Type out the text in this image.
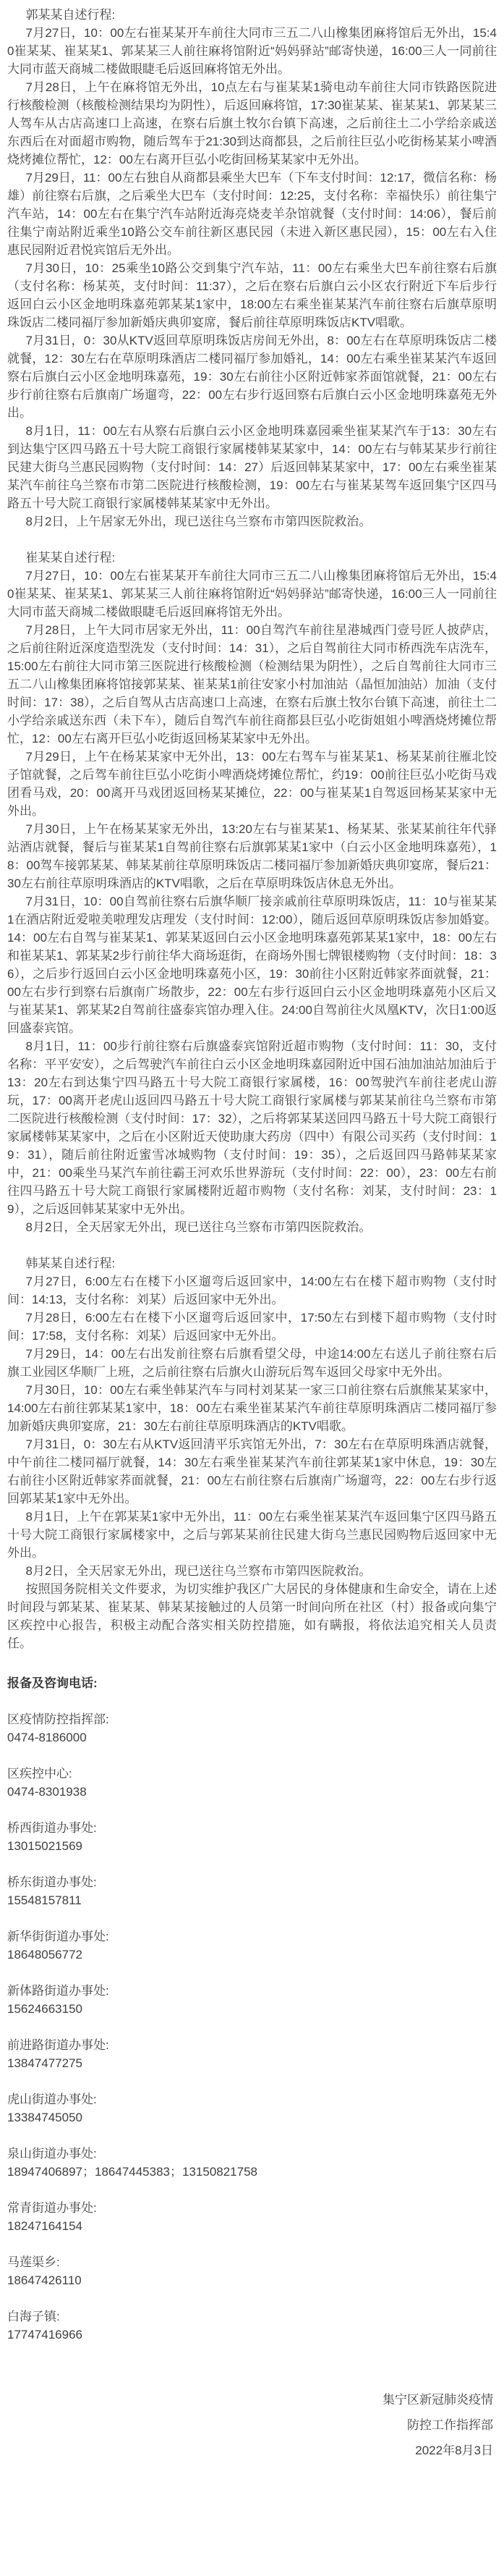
郭某某自述行程:

7月27日，10：00左右崔某某开车前往大同市三五二八山橡集团麻将馆后无外出，15:40崔某某、崔某某1、郭某某三人前往麻将馆附近“妈妈驿站”邮寄快递，16:00三人一同前往大同市蓝天商城二楼做眼睫毛后返回麻将馆无外出。

7月28日，上午在麻将馆无外出，10点左右与崔某某1骑电动车前往大同市铁路医院进行核酸检测（核酸检测结果均为阴性），后返回麻将馆，17:30崔某某、崔某某1、郭某某三人驾车从古店高速口上高速，在察右后旗土牧尔台镇下高速，之后前往土二小学给亲戚送东西后在对面超市购物，随后驾车于21:30到达商都县，之后前往巨弘小吃街杨某某小啤酒烧烤摊位帮忙，12：00左右离开巨弘小吃街回杨某某家中无外出。

7月29日，11：00左右独自从商都县乘坐大巴车（下车支付时间：12:17，微信名称：杨雄）前往察右后旗，之后乘坐大巴车（支付时间：12:25，支付名称：幸福快乐）前往集宁汽车站，14：00左右在集宁汽车站附近海亮烧麦羊杂馆就餐（支付时间：14:06），餐后前往集宁南站附近乘坐10路公交车前往新区惠民园（未进入新区惠民园），15：00左右入住惠民园附近君悦宾馆后无外出。

7月30日，10：25乘坐10路公交到集宁汽车站，11：00左右乘坐大巴车前往察右后旗（支付名称：杨某英，支付时间：11:37），之后在察右后旗白云小区农行附近下车后步行返回白云小区金地明珠嘉苑郭某某1家中，18:00左右乘坐崔某某汽车前往察右后旗草原明珠饭店二楼同福厅参加新婚庆典卯宴席，餐后前往草原明珠饭店KTV唱歌。

7月31日，0：30从KTV返回草原明珠饭店房间无外出，8：00左右在草原明珠饭店二楼就餐，12：30左右在草原明珠酒店二楼同福厅参加婚礼，14：00左右乘坐崔某某汽车返回察右后旗白云小区金地明珠嘉苑，19：30左右前往小区附近韩家荞面馆就餐，21：00左右步行前往察右后旗南广场遛弯，22：00左右步行返回察右后旗白云小区金地明珠嘉苑无外出。

8月1日，11：00左右从察右后旗白云小区金地明珠嘉园乘坐崔某某汽车于13：30左右到达集宁区四马路五十号大院工商银行家属楼韩某某家中，14：00左右与韩某某步行前往民建大街乌兰惠民园购物（支付时间：14：27）后返回韩某某家中，17：00左右乘坐崔某某汽车前往乌兰察布市第二医院进行核酸检测，19：00左右与崔某某驾车返回集宁区四马路五十号大院工商银行家属楼韩某某家中无外出。

8月2日，上午居家无外出，现已送往乌兰察布市第四医院救治。

崔某某自述行程:

7月27日，10：00左右崔某某开车前往大同市三五二八山橡集团麻将馆后无外出，15:40崔某某、崔某某1、郭某某三人前往麻将馆附近“妈妈驿站”邮寄快递，16:00三人一同前往大同市蓝天商城二楼做眼睫毛后返回麻将馆无外出。

7月28日，上午大同市居家无外出，11：00自驾汽车前往星港城西门壹号匠人披萨店，之后前往附近深度造型洗发（支付时间：14：31），之后自驾前往大同市桥西洗车店洗车，15:00左右前往大同市第三医院进行核酸检测（检测结果为阴性），之后自驾前往大同市三五二八山橡集团麻将馆接郭某某、崔某某1前往安家小村加油站（晶恒加油站）加油（支付时间：17：38），之后自驾从古店高速口上高速，在察右后旗土牧尔台镇下高速，前往土二小学给亲戚送东西（未下车），随后自驾汽车前往商都县巨弘小吃街姐姐小啤酒烧烤摊位帮忙，12：00左右离开巨弘小吃街返回杨某某家中无外出。

7月29日，上午在杨某某家中无外出，13：00左右驾车与崔某某1、杨某某前往雁北饺子馆就餐，之后驾车前往巨弘小吃街小啤酒烧烤摊位帮忙，约19：00前往巨弘小吃街马戏团看马戏，20：00离开马戏团返回杨某某摊位，22：00与崔某某1自驾返回杨某某家中无外出。

7月30日，上午在杨某某家无外出，13:20左右与崔某某1、杨某某、张某某前往年代驿站酒店就餐，餐后与崔某某1自驾前往察右后旗郭某某1家中（白云小区金地明珠嘉苑），18：00驾车接郭某某、韩某某前往草原明珠饭店二楼同福厅参加新婚庆典卯宴席，餐后21：30左右前往草原明珠酒店的KTV唱歌，之后在草原明珠饭店休息无外出。

7月31日，10：00自驾前往察右后旗华顺厂接亲戚前往草原明珠饭店，11：10与崔某某1在酒店附近爱啦美啦理发店理发（支付时间：12:00），随后返回草原明珠饭店参加婚宴。14：00左右自驾与崔某某1、郭某某返回白云小区金地明珠嘉苑郭某某1家中，18：00左右和崔某某1、郭某某2步行前往华大商场逛街，在商场外围七牌银楼购物（支付时间：18：36），之后步行返回白云小区金地明珠嘉苑小区，19：30前往小区附近韩家荞面就餐，21：00左右步行到察右后旗南广场散步，22：00左右步行返回白云小区金地明珠嘉苑小区后又与崔某某1、郭某某2自驾前往盛泰宾馆办理入住。24:00自驾前往火凤凰KTV，次日1:00返回盛泰宾馆。

8月1日，11：00步行前往察右后旗盛泰宾馆附近超市购物（支付时间：11：30，支付名称：平平安安），之后驾驶汽车前往白云小区金地明珠嘉园附近中国石油加油站加油后于13：20左右到达集宁四马路五十号大院工商银行家属楼，16：00驾驶汽车前往老虎山游玩，17：00离开老虎山返回四马路五十号大院工商银行家属楼与郭某某前往乌兰察布市第二医院进行核酸检测（支付时间：17：32），之后将郭某某送回四马路五十号大院工商银行家属楼韩某某家中，之后在小区附近天使助康大药房（四中）有限公司买药（支付时间：19：31），随后前往附近蜜雪冰城购物（支付时间：19：35），之后返回四马路韩某某家中，21：00乘坐马某汽车前往霸王河欢乐世界游玩（支付时间：22：00），23：00左右前往四马路五十号大院工商银行家属楼附近超市购物（支付名称：刘某，支付时间：23：19），之后返回韩某某家中无外出。

8月2日，全天居家无外出，现已送往乌兰察布市第四医院救治。

韩某某自述行程:

7月27日，6:00左右在楼下小区遛弯后返回家中，14:00左右在楼下超市购物（支付时间：14:13，支付名称：刘某）后返回家中无外出。

7月28日，6:00左右在楼下小区遛弯后返回家中，17:50左右到楼下超市购物（支付时间：17:58，支付名称：刘某）后返回家中无外出。

7月29日，14：00左右出发前往察右后旗看望父母，中途14:00左右送儿子前往察右后旗工业园区华顺厂上班，之后前往察右后旗火山游玩后驾车返回父母家中无外出。

7月30日，10：00左右乘坐韩某汽车与同村刘某某一家三口前往察右后旗熊某某家中，14:00左右前往郭某某1家中，18：00左右乘坐崔某某汽车前往草原明珠酒店二楼同福厅参加新婚庆典卯宴席，21：30左右前往草原明珠酒店的KTV唱歌。

7月31日，0：30左右从KTV返回清平乐宾馆无外出，7：30左右在草原明珠酒店就餐，中午前往二楼同福厅就餐，14：30左右乘坐崔某某汽车前往郭某某1家中休息，19：30左右前往小区附近韩家荞面就餐，21：00左右前往察右后旗南广场遛弯，22：00左右步行返回郭某某1家中无外出。

8月1日，上午在郭某某1家中无外出，11：00左右乘坐崔某某汽车返回集宁区四马路五十号大院工商银行家属楼家中，之后与郭某某前往民建大街乌兰惠民园购物后返回家中无外出。

8月2日，全天居家无外出，现已送往乌兰察布市第四医院救治。

按照国务院相关文件要求，为切实维护我区广大居民的身体健康和生命安全，请在上述时间段与郭某某、崔某某、韩某某接触过的人员第一时间向所在社区（村）报备或向集宁区疾控中心报告，积极主动配合落实相关防控措施，如有瞒报，将依法追究相关人员责任。

报备及咨询电话:

区疫情防控指挥部:

0474-8186000

区疾控中心:

0474-8301938

桥西街道办事处:

13015021569

桥东街道办事处:

15548157811

新华街街道办事处:

18648056772

新体路街道办事处:

15624663150

前进路街道办事处:

13847477275

虎山街道办事处:

13384745050

泉山街道办事处:

18947406897；18647445383；13150821758

常青街道办事处:

18247164154

马莲渠乡:

18647426110

白海子镇:

17747416966

集宁区新冠肺炎疫情

防控工作指挥部

2022年8月3日
